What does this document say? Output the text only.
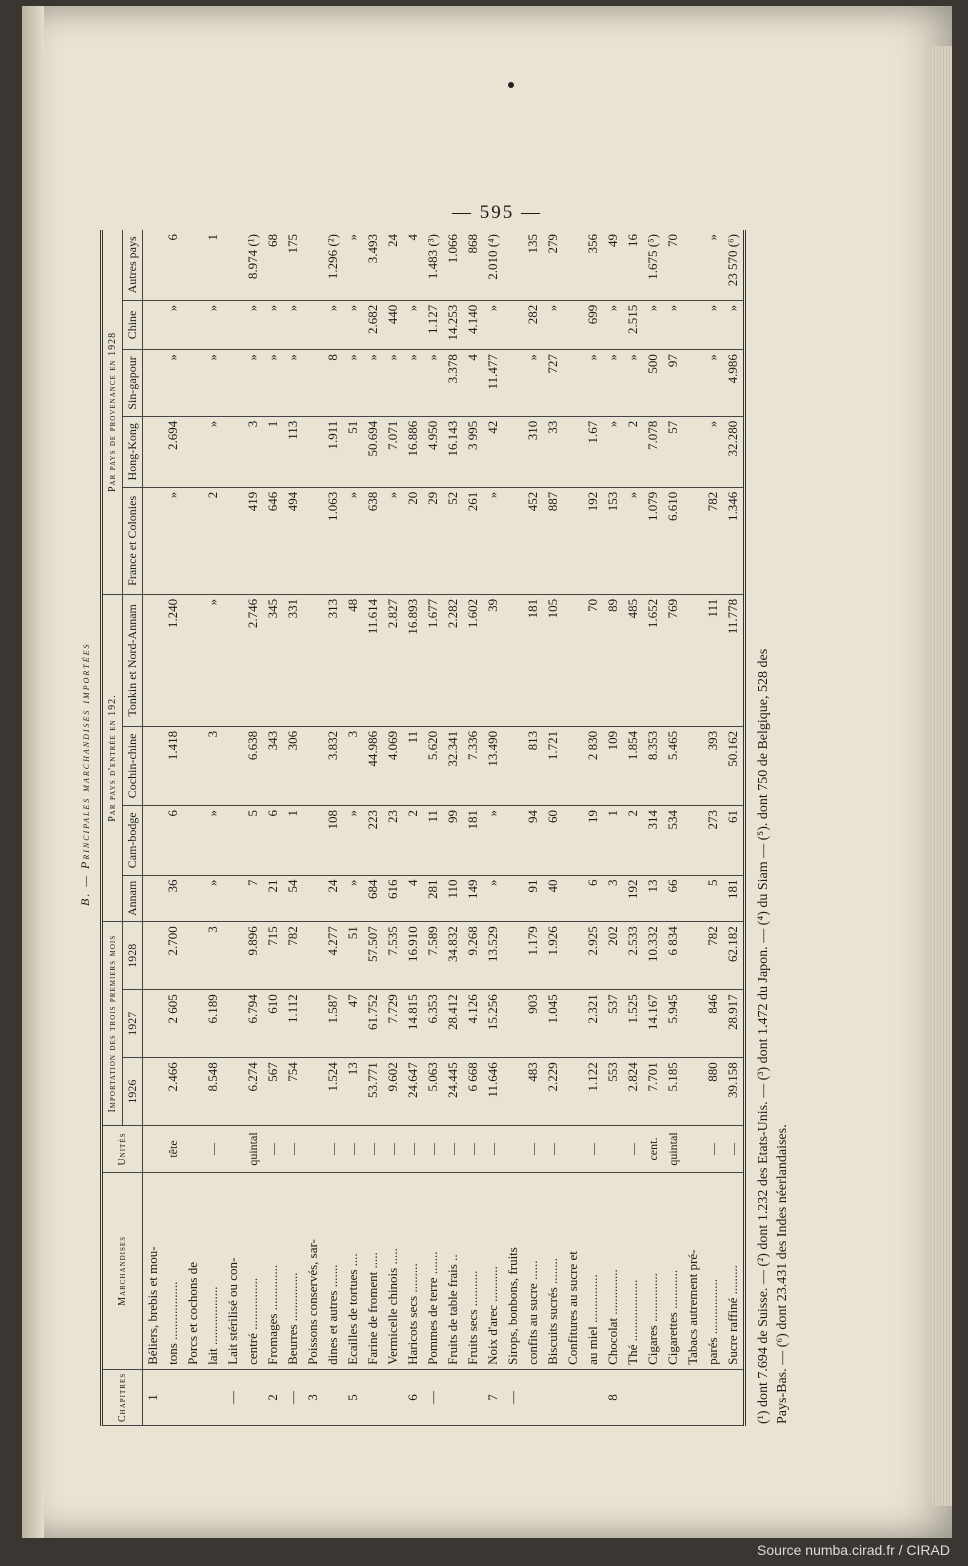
— 595 —
B. — Principales marchandises importées
Chapitres	Marchandises	Unités	Importation des trois premiers mois			Par pays d'entrée en 192.				Par pays de provenance en 1928				
			1926	1927	1928	Annam	Cam-bodge	Cochin-chine	Tonkin et Nord-Annam	France et Colonies	Hong-Kong	Sin-gapour	Chine	Autres pays
1	Béliers, brebis et mou-													
	tons ..................	tête	2.466	2 605	2.700	36	6	1.418	1.240	»	2.694	»	»	6
	Porcs et cochons de													
	lait ..................	—	8.548	6.189	3	»	»	3	»	2	»	»	»	1
—	Lait stérilisé ou con-													
	centré ................	quintal	6.274	6.794	9.896	7	5	6.638	2.746	419	3	»	»	8.974 (¹)
2	Fromages ..............	—	567	610	715	21	6	343	345	646	1	»	»	68
—	Beurres ...............	—	754	1.112	782	54	1	306	331	494	113	»	»	175
3	Poissons conservés, sar-													
	dines et autres .......	—	1.524	1.587	4.277	24	108	3.832	313	1.063	1.911	8	»	1.296 (²)
5	Ecailles de tortues ....	—	13	47	51	»	»	3	48	»	51	»	»	»
	Farine de froment .....	—	53.771	61.752	57.507	684	223	44.986	11.614	638	50.694	»	2.682	3.493
	Vermicelle chinois .....	—	9.602	7.729	7.535	616	23	4.069	2.827	»	7.071	»	440	24
6	Haricots secs .........	—	24.647	14.815	16.910	4	2	11	16.893	20	16.886	»	»	4
—	Pommes de terre .......	—	5.063	6.353	7.589	281	11	5.620	1.677	29	4.950	»	1.127	1.483 (³)
	Fruits de table frais ..	—	24.445	28.412	34.832	110	99	32.341	2.282	52	16.143	3.378	14.253	1.066
	Fruits secs ...........	—	6 668	4.126	9.268	149	181	7.336	1.602	261	3 995	4	4.140	868
7	Noix d'arec ...........	—	11.646	15.256	13.529	»	»	13.490	39	»	42	11.477	»	2.010 (⁴)
—	Sirops, bonbons, fruits													
	confits au sucre ......	—	483	903	1.179	91	94	813	181	452	310	»	282	135
	Biscuits sucrés ........	—	2.229	1.045	1.926	40	60	1.721	105	887	33	727	»	279
	Confitures au sucre et													
	au miel ...............	—	1.122	2.321	2.925	6	19	2 830	70	192	1.67	»	699	356
8	Chocolat ..............		553	537	202	3	1	109	89	153	»	»	»	49
	Thé ...................	—	2.824	1.525	2.533	192	2	1.854	485	»	2	»	2.515	16
	Cigares ...............	cent.	7.701	14.167	10.332	13	314	8.353	1.652	1.079	7.078	500	»	1.675 (⁵)
	Cigarettes ............	quintal	5.185	5.945	6 834	66	534	5.465	769	6.610	57	97	»	70
	Tabacs autrement pré-													
	parés .................	—	880	846	782	5	273	393	111	782	»	»	»	»
	Sucre raffiné .........	—	39.158	28.917	62.182	181	61	50.162	11.778	1.346	32.280	4.986	»	23 570 (⁶)
(¹) dont 7.694 de Suisse. — (²) dont 1.232 des Etats-Unis. — (³) dont 1.472 du Japon. — (⁴) du Siam — (⁵). dont 750 de Belgique, 528 des Pays-Bas. — (⁶) dont 23.431 des Indes néerlandaises.
Source numba.cirad.fr / CIRAD
